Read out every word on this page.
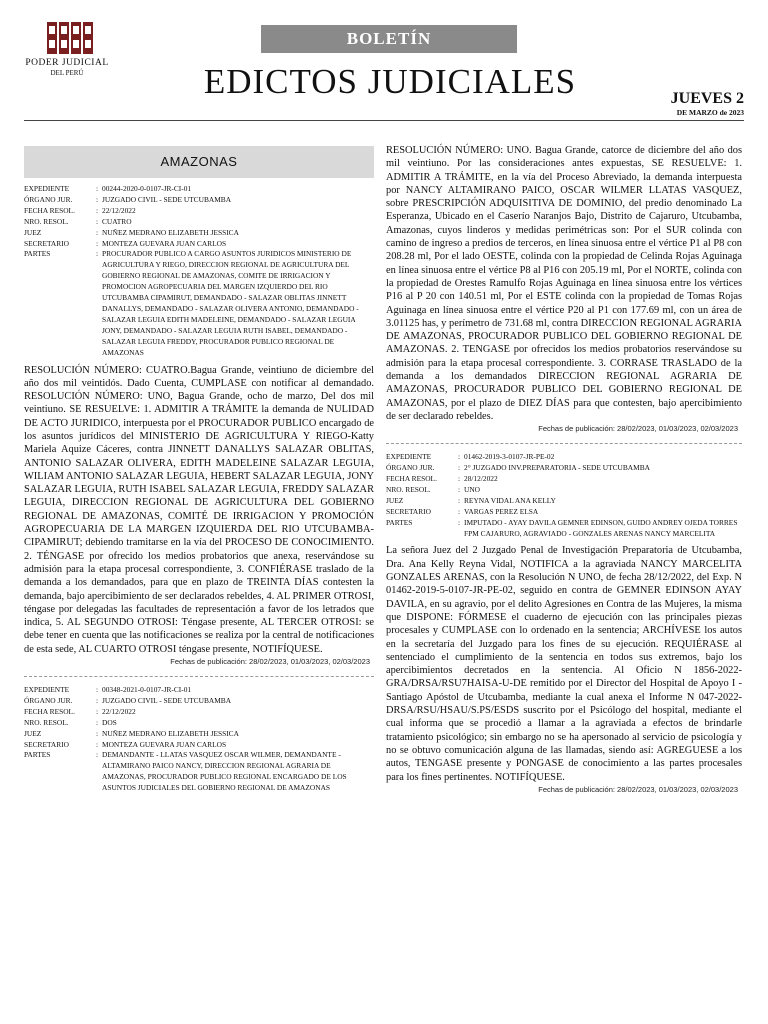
PODER JUDICIAL
DEL PERÚ
BOLETÍN
EDICTOS JUDICIALES	JUEVES 2
DE MARZO de 2023
AMAZONAS
EXPEDIENTE	: 00244-2020-0-0107-JR-CI-01
ÓRGANO JUR.	: JUZGADO CIVIL - SEDE UTCUBAMBA
FECHA RESOL.	: 22/12/2022
NRO. RESOL.	: CUATRO
JUEZ	: NUÑEZ MEDRANO ELIZABETH JESSICA
SECRETARIO	: MONTEZA GUEVARA JUAN CARLOS
PARTES	: PROCURADOR PUBLICO A CARGO ASUNTOS JURIDICOS MINISTERIO DE AGRICULTURA Y RIEGO, DIRECCION REGIONAL DE AGRICULTURA DEL GOBIERNO REGIONAL DE AMAZONAS, COMITE DE IRRIGACION Y PROMOCION AGROPECUARIA DEL MARGEN IZQUIERDO DEL RIO UTCUBAMBA CIPAMIRUT, DEMANDADO - SALAZAR OBLITAS JINNETT DANALLYS, DEMANDADO - SALAZAR OLIVERA ANTONIO, DEMANDADO - SALAZAR LEGUIA EDITH MADELEINE, DEMANDADO - SALAZAR LEGUIA JONY, DEMANDADO - SALAZAR LEGUIA RUTH ISABEL, DEMANDADO - SALAZAR LEGUIA FREDDY, PROCURADOR PUBLICO REGIONAL DE AMAZONAS
RESOLUCIÓN NÚMERO: CUATRO.Bagua Grande, veintiuno de diciembre del año dos mil veintidós. Dado Cuenta, CUMPLASE con notificar al demandado. RESOLUCIÓN NÚMERO: UNO, Bagua Grande, ocho de marzo, Del dos mil veintiuno. SE RESUELVE: 1. ADMITIR A TRÁMITE la demanda de NULIDAD DE ACTO JURIDICO, interpuesta por el PROCURADOR PUBLICO encargado de los asuntos jurídicos del MINISTERIO DE AGRICULTURA Y RIEGO-Katty Mariela Aquize Cáceres, contra JINNETT DANALLYS SALAZAR OBLITAS, ANTONIO SALAZAR OLIVERA, EDITH MADELEINE SALAZAR LEGUIA, WILIAM ANTONIO SALAZAR LEGUIA, HEBERT SALAZAR LEGUIA, JONY SALAZAR LEGUIA, RUTH ISABEL SALAZAR LEGUIA, FREDDY SALAZAR LEGUIA, DIRECCION REGIONAL DE AGRICULTURA DEL GOBIERNO REGIONAL DE AMAZONAS, COMITÉ DE IRRIGACION Y PROMOCIÓN AGROPECUARIA DE LA MARGEN IZQUIERDA DEL RIO UTCUBAMBA-CIPAMIRUT; debiendo tramitarse en la vía del PROCESO DE CONOCIMIENTO. 2. TÉNGASE por ofrecido los medios probatorios que anexa, reservándose su admisión para la etapa procesal correspondiente, 3. CONFIÉRASE traslado de la demanda a los demandados, para que en plazo de TREINTA DÍAS contesten la demanda, bajo apercibimiento de ser declarados rebeldes, 4. AL PRIMER OTROSI, téngase por delegadas las facultades de representación a favor de los letrados que indica, 5. AL SEGUNDO OTROSI: Téngase presente, AL TERCER OTROSI: se debe tener en cuenta que las notificaciones se realiza por la central de notificaciones de esta sede, AL CUARTO OTROSI téngase presente, NOTIFÍQUESE.
Fechas de publicación: 28/02/2023, 01/03/2023, 02/03/2023
EXPEDIENTE	: 00348-2021-0-0107-JR-CI-01
ÓRGANO JUR.	: JUZGADO CIVIL - SEDE UTCUBAMBA
FECHA RESOL.	: 22/12/2022
NRO. RESOL.	: DOS
JUEZ	: NUÑEZ MEDRANO ELIZABETH JESSICA
SECRETARIO	: MONTEZA GUEVARA JUAN CARLOS
PARTES	: DEMANDANTE - LLATAS VASQUEZ OSCAR WILMER, DEMANDANTE - ALTAMIRANO PAICO NANCY, DIRECCION REGIONAL AGRARIA DE AMAZONAS, PROCURADOR PUBLICO REGIONAL ENCARGADO DE LOS ASUNTOS JUDICIALES DEL GOBIERNO REGIONAL DE AMAZONAS
RESOLUCIÓN NÚMERO: UNO. Bagua Grande, catorce de diciembre del año dos mil veintiuno. Por las consideraciones antes expuestas, SE RESUELVE: 1. ADMITIR A TRÁMITE, en la vía del Proceso Abreviado, la demanda interpuesta por NANCY ALTAMIRANO PAICO, OSCAR WILMER LLATAS VASQUEZ, sobre PRESCRIPCIÓN ADQUISITIVA DE DOMINIO, del predio denominado La Esperanza, Ubicado en el Caserío Naranjos Bajo, Distrito de Cajaruro, Utcubamba, Amazonas, cuyos linderos y medidas perimétricas son: Por el SUR colinda con camino de ingreso a predios de terceros, en línea sinuosa entre el vértice P1 al P8 con 208.28 ml, Por el lado OESTE, colinda con la propiedad de Celinda Rojas Aguinaga en línea sinuosa entre el vértice P8 al P16 con 205.19 ml, Por el NORTE, colinda con la propiedad de Orestes Ramulfo Rojas Aguinaga en línea sinuosa entre los vértices P16 al P 20 con 140.51 ml, Por el ESTE colinda con la propiedad de Tomas Rojas Aguinaga en línea sinuosa entre el vértice P20 al P1 con 177.69 ml, con un área de 3.01125 has, y perímetro de 731.68 ml, contra DIRECCION REGIONAL AGRARIA DE AMAZONAS, PROCURADOR PUBLICO DEL GOBIERNO REGIONAL DE AMAZONAS. 2. TENGASE por ofrecidos los medios probatorios reservándose su admisión para la etapa procesal correspondiente. 3. CORRASE TRASLADO de la demanda a los demandados DIRECCION REGIONAL AGRARIA DE AMAZONAS, PROCURADOR PUBLICO DEL GOBIERNO REGIONAL DE AMAZONAS, por el plazo de DIEZ DÍAS para que contesten, bajo apercibimiento de ser declarado rebeldes.
Fechas de publicación: 28/02/2023, 01/03/2023, 02/03/2023
EXPEDIENTE	: 01462-2019-3-0107-JR-PE-02
ÓRGANO JUR.	: 2° JUZGADO INV.PREPARATORIA - SEDE UTCUBAMBA
FECHA RESOL.	: 28/12/2022
NRO. RESOL.	: UNO
JUEZ	: REYNA VIDAL ANA KELLY
SECRETARIO	: VARGAS PEREZ ELSA
PARTES	: IMPUTADO - AYAY DAVILA GEMNER EDINSON, GUIDO ANDREY OJEDA TORRES FPM CAJARURO, AGRAVIADO - GONZALES ARENAS NANCY MARCELITA
La señora Juez del 2 Juzgado Penal de Investigación Preparatoria de Utcubamba, Dra. Ana Kelly Reyna Vidal, NOTIFICA a la agraviada NANCY MARCELITA GONZALES ARENAS, con la Resolución N UNO, de fecha 28/12/2022, del Exp. N 01462-2019-5-0107-JR-PE-02, seguido en contra de GEMNER EDINSON AYAY DAVILA, en su agravio, por el delito Agresiones en Contra de las Mujeres, la misma que DISPONE: FÓRMESE el cuaderno de ejecución con las principales piezas procesales y CUMPLASE con lo ordenado en la sentencia; ARCHÍVESE los autos en la secretaría del Juzgado para los fines de su ejecución. REQUIÉRASE al sentenciado el cumplimiento de la sentencia en todos sus extremos, bajo los apercibimientos decretados en la sentencia. Al Oficio N 1856-2022-GRA/DRSA/RSU7HAISA-U-DE remitido por el Director del Hospital de Apoyo I - Santiago Apóstol de Utcubamba, mediante la cual anexa el Informe N 047-2022-DRSA/RSU/HSAU/S.PS/ESDS suscrito por el Psicólogo del hospital, mediante el cual informa que se procedió a llamar a la agraviada a efectos de brindarle tratamiento psicológico; sin embargo no se ha apersonado al servicio de psicología y no se obtuvo comunicación alguna de las llamadas, siendo así: AGREGUESE a los autos, TENGASE presente y PONGASE de conocimiento a las partes procesales para los fines pertinentes. NOTIFÍQUESE.
Fechas de publicación: 28/02/2023, 01/03/2023, 02/03/2023
